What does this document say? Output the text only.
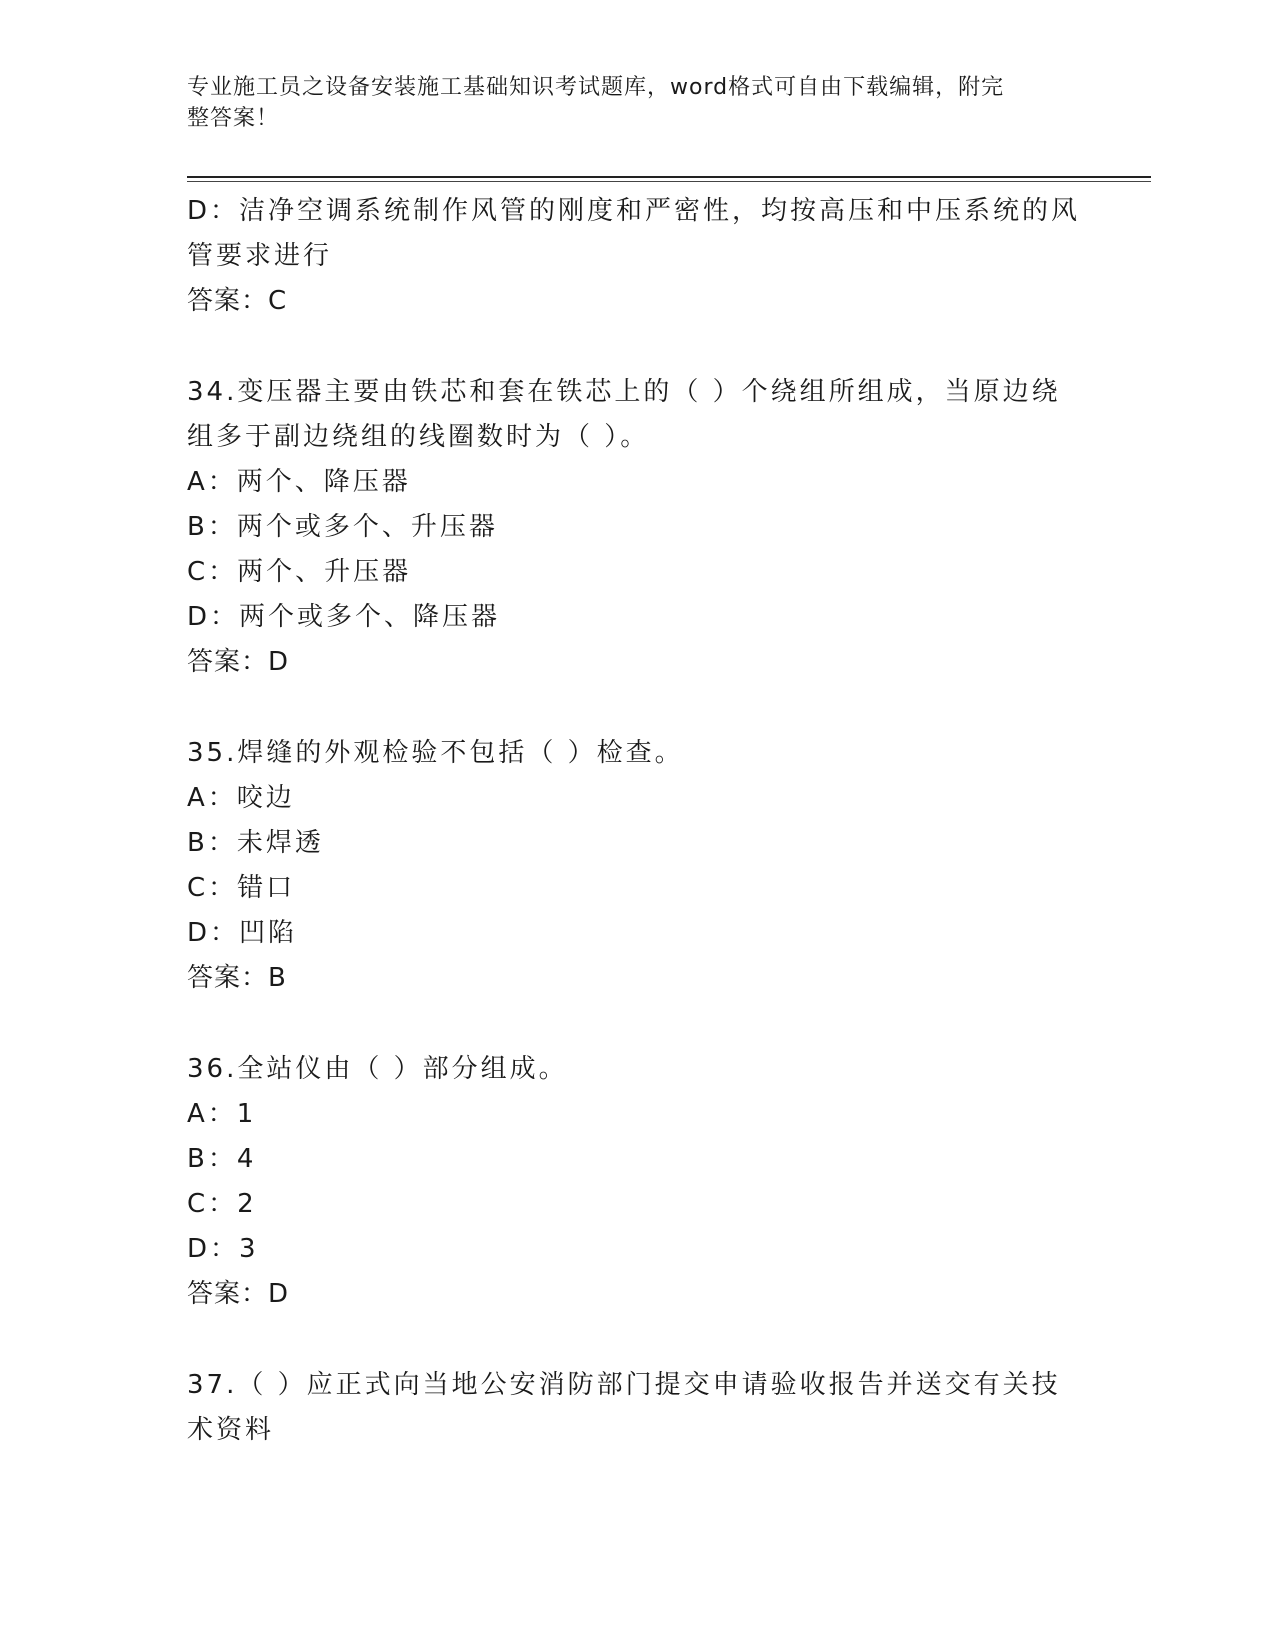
专业施工员之设备安装施工基础知识考试题库，word格式可自由下载编辑，附完
整答案！
D：洁净空调系统制作风管的刚度和严密性，均按高压和中压系统的风
管要求进行
答案：C
34.变压器主要由铁芯和套在铁芯上的（ ）个绕组所组成，当原边绕
组多于副边绕组的线圈数时为（ ）。
A：两个、降压器
B：两个或多个、升压器
C：两个、升压器
D：两个或多个、降压器
答案：D
35.焊缝的外观检验不包括（ ）检查。
A：咬边
B：未焊透
C：错口
D：凹陷
答案：B
36.全站仪由（ ）部分组成。
A：1
B：4
C：2
D：3
答案：D
37.（ ）应正式向当地公安消防部门提交申请验收报告并送交有关技
术资料
